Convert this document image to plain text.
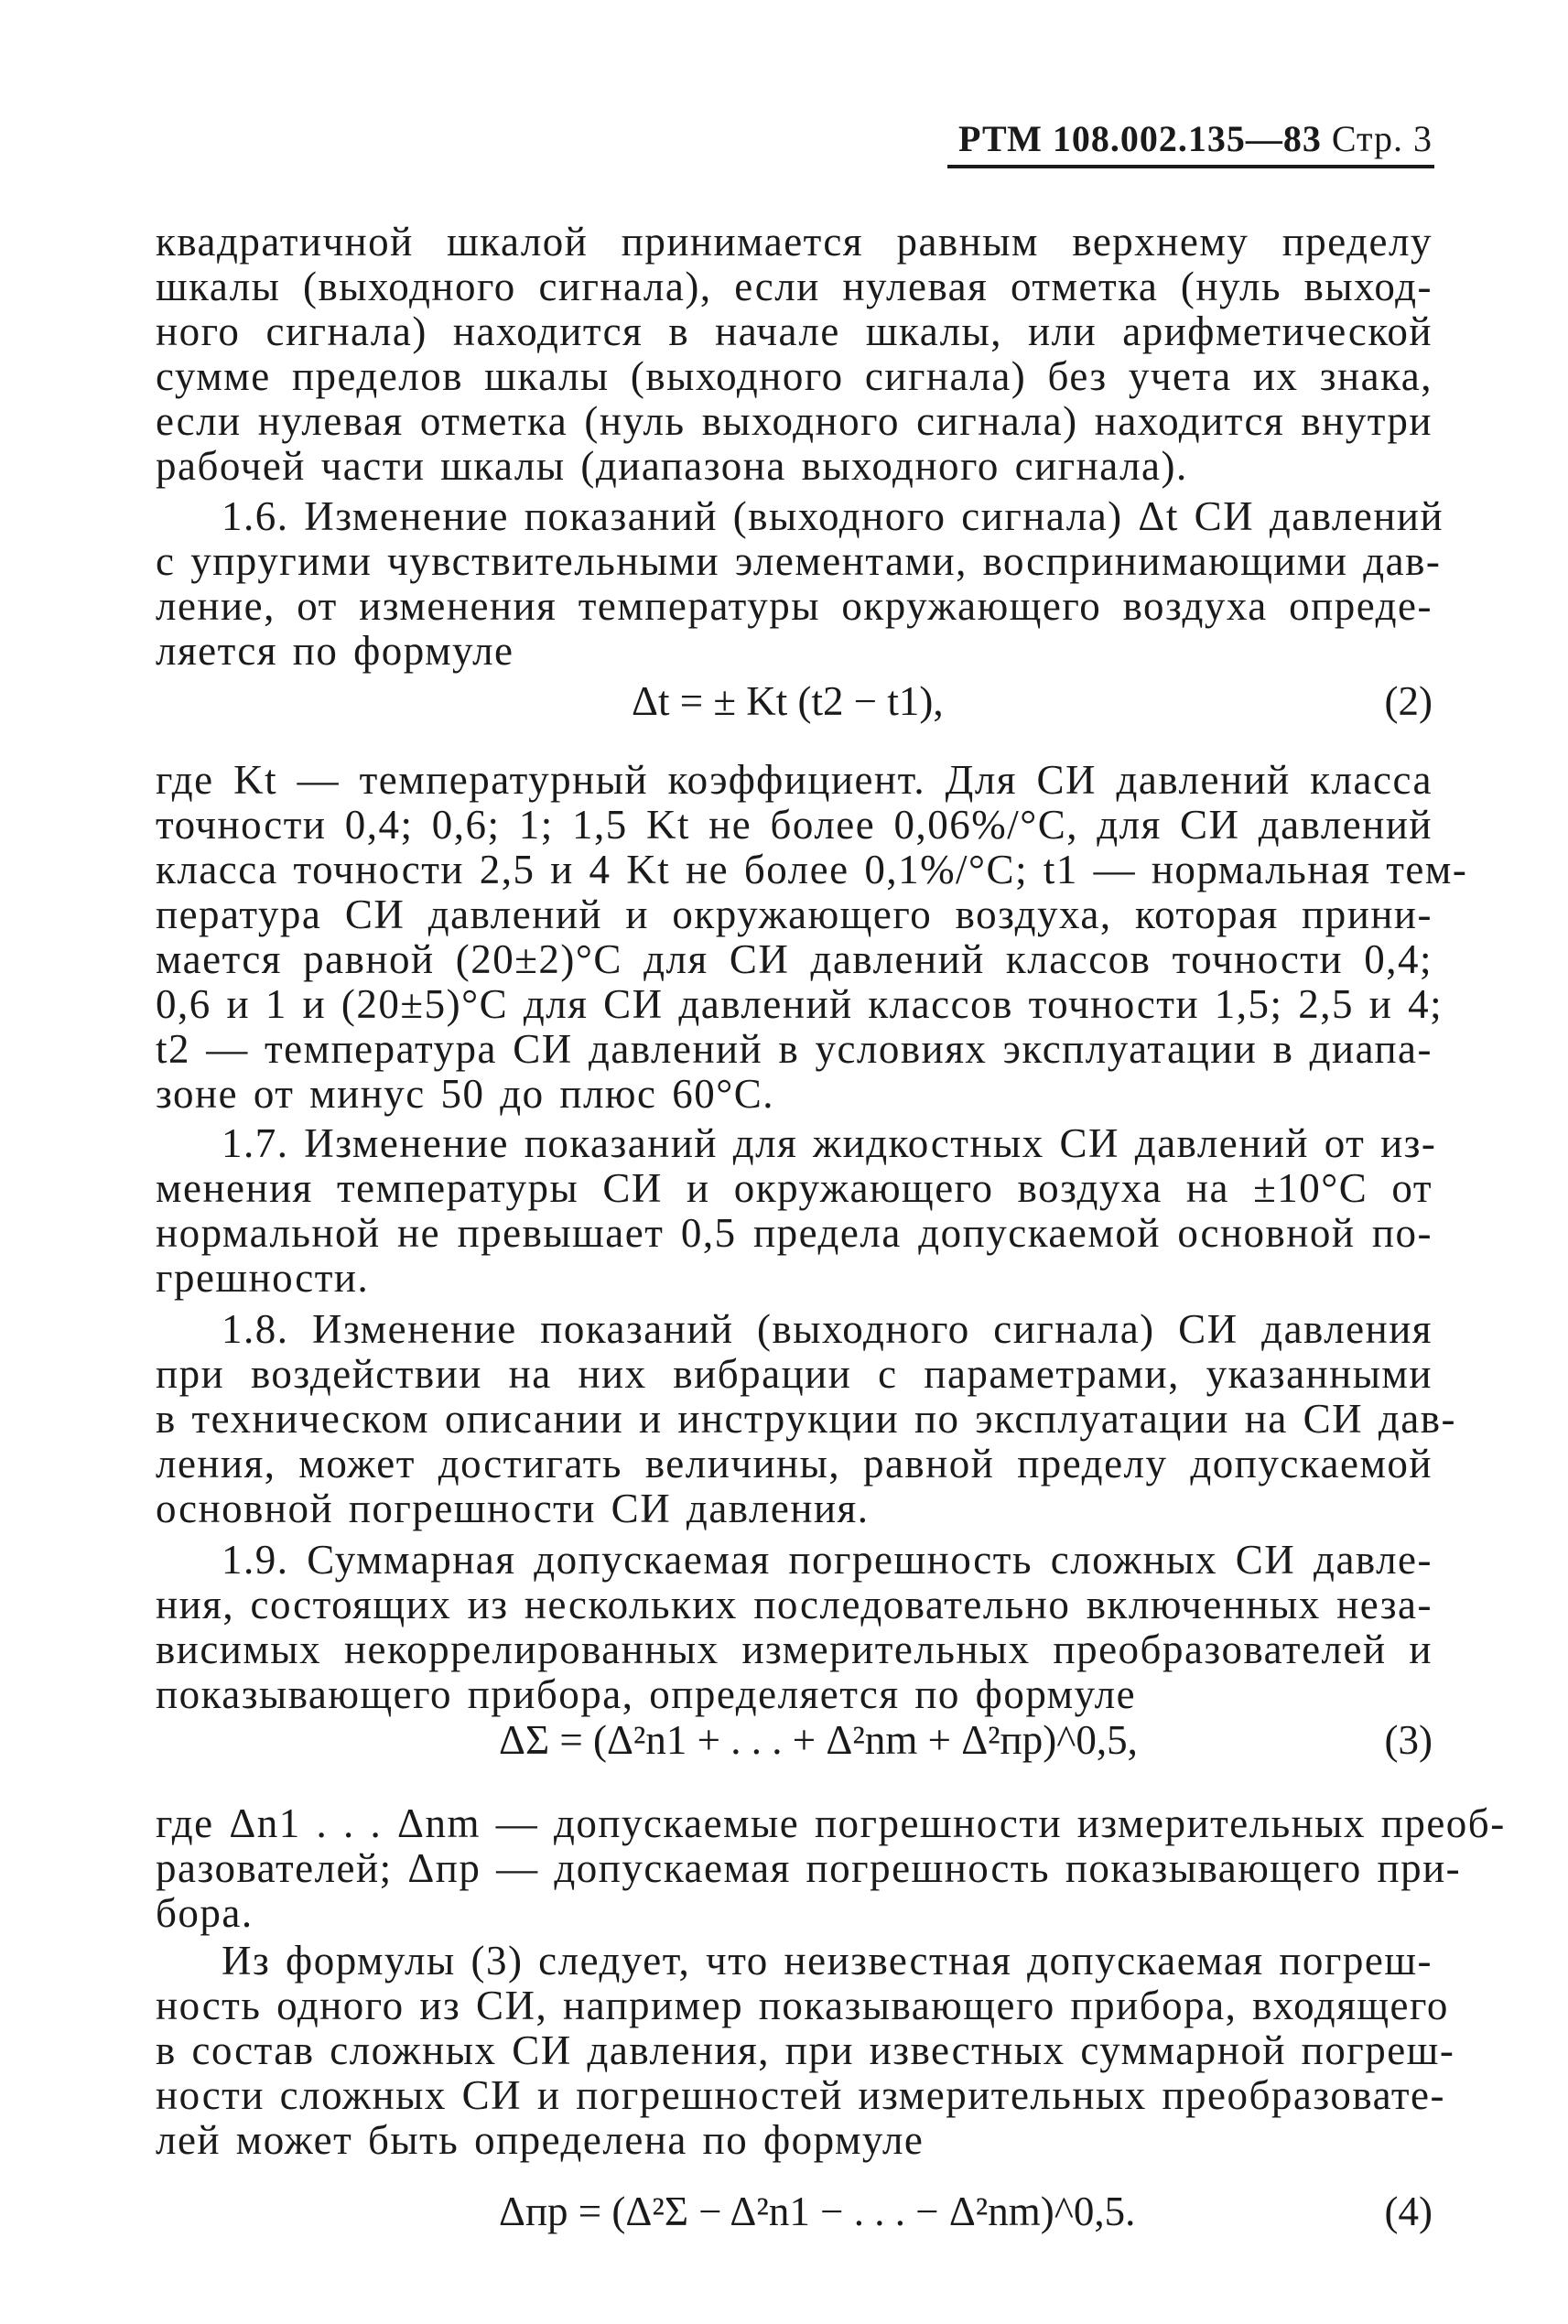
РТМ 108.002.135—83 Стр. 3
квадратичной шкалой принимается равным верхнему пределу
шкалы (выходного сигнала), если нулевая отметка (нуль выход-
ного сигнала) находится в начале шкалы, или арифметической
сумме пределов шкалы (выходного сигнала) без учета их знака,
если нулевая отметка (нуль выходного сигнала) находится внутри
рабочей части шкалы (диапазона выходного сигнала).
1.6. Изменение показаний (выходного сигнала) Δt СИ давлений
с упругими чувствительными элементами, воспринимающими дав-
ление, от изменения температуры окружающего воздуха опреде-
ляется по формуле
Δt = ± Kt (t2 − t1),	(2)
где Kt — температурный коэффициент. Для СИ давлений класса
точности 0,4; 0,6; 1; 1,5 Kt не более 0,06%/°C, для СИ давлений
класса точности 2,5 и 4 Kt не более 0,1%/°C; t1 — нормальная тем-
пература СИ давлений и окружающего воздуха, которая прини-
мается равной (20±2)°C для СИ давлений классов точности 0,4;
0,6 и 1 и (20±5)°C для СИ давлений классов точности 1,5; 2,5 и 4;
t2 — температура СИ давлений в условиях эксплуатации в диапа-
зоне от минус 50 до плюс 60°C.
1.7. Изменение показаний для жидкостных СИ давлений от из-
менения температуры СИ и окружающего воздуха на ±10°C от
нормальной не превышает 0,5 предела допускаемой основной по-
грешности.
1.8. Изменение показаний (выходного сигнала) СИ давления
при воздействии на них вибрации с параметрами, указанными
в техническом описании и инструкции по эксплуатации на СИ дав-
ления, может достигать величины, равной пределу допускаемой
основной погрешности СИ давления.
1.9. Суммарная допускаемая погрешность сложных СИ давле-
ния, состоящих из нескольких последовательно включенных неза-
висимых некоррелированных измерительных преобразователей и
показывающего прибора, определяется по формуле
ΔΣ = (Δ²n1 + . . . + Δ²nm + Δ²пр)^0,5,	(3)
где Δn1 . . . Δnm — допускаемые погрешности измерительных преоб-
разователей; Δпр — допускаемая погрешность показывающего при-
бора.
Из формулы (3) следует, что неизвестная допускаемая погреш-
ность одного из СИ, например показывающего прибора, входящего
в состав сложных СИ давления, при известных суммарной погреш-
ности сложных СИ и погрешностей измерительных преобразовате-
лей может быть определена по формуле
Δпр = (Δ²Σ − Δ²n1 − . . . − Δ²nm)^0,5.	(4)
